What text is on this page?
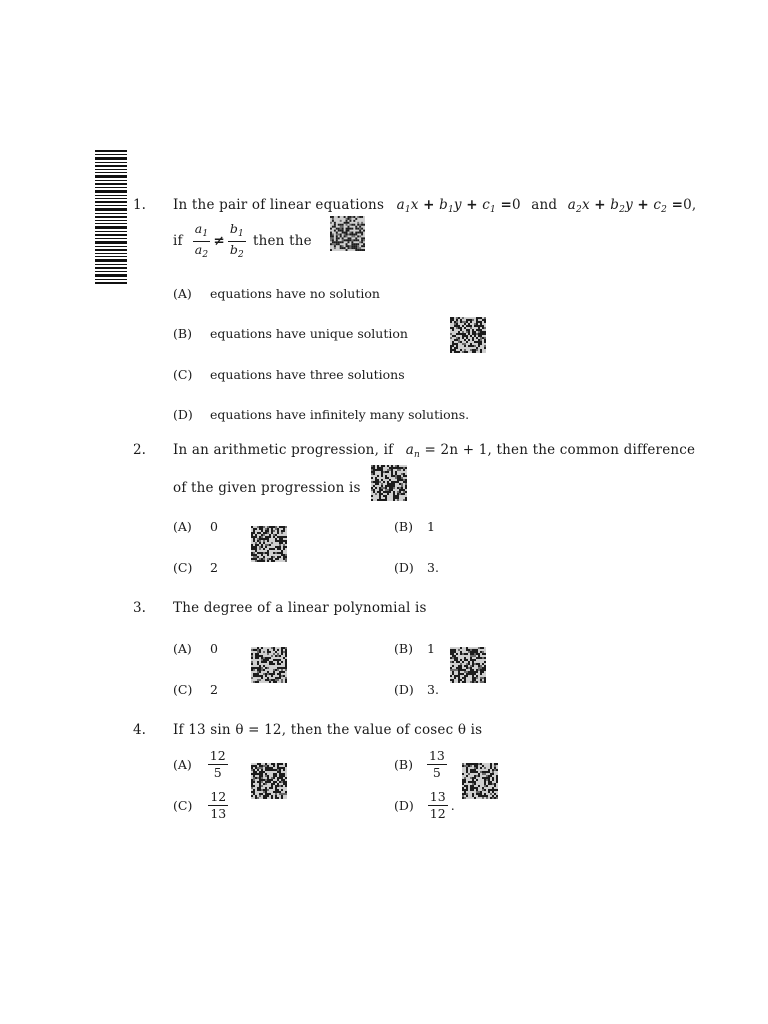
1. In the pair of linear equations $a_1x + b_1y + c_1 =0$ and $a_2x + b_2y + c_2 =0$,
if $\frac{a_1}{a_2} \ne \frac{b_1}{b_2}$ then the
(A) equations have no solution
(B) equations have unique solution
(C) equations have three solutions
(D) equations have infinitely many solutions.
2. In an arithmetic progression, if $a_n = 2n + 1$, then the common difference
of the given progression is
(A) 0	(B) 1
(C) 2	(D) 3.
3. The degree of a linear polynomial is
(A) 0	(B) 1
(C) 2	(D) 3.
4. If 13 sin θ = 12, then the value of cosec θ is
$(A) \frac{12}{5}$	$(B) \frac{13}{5}$
$(C) \frac{12}{13}$	$(D) \frac{13}{12}$ .
